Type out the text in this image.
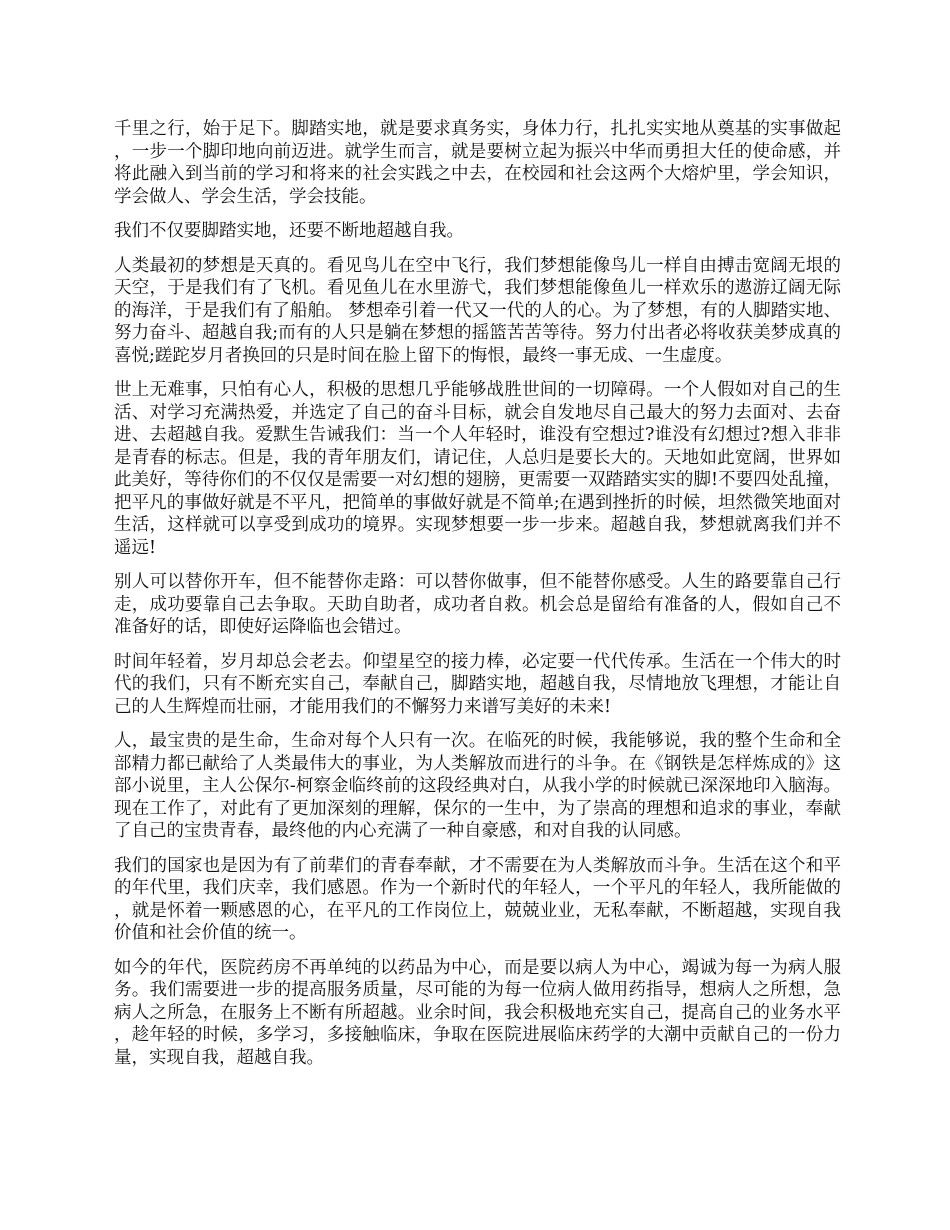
千里之行，始于足下。脚踏实地，就是要求真务实，身体力行，扎扎实实地从奠基的实事做起，一步一个脚印地向前迈进。就学生而言，就是要树立起为振兴中华而勇担大任的使命感，并将此融入到当前的学习和将来的社会实践之中去，在校园和社会这两个大熔炉里，学会知识，学会做人、学会生活，学会技能。

我们不仅要脚踏实地，还要不断地超越自我。

人类最初的梦想是天真的。看见鸟儿在空中飞行，我们梦想能像鸟儿一样自由搏击宽阔无垠的天空，于是我们有了飞机。看见鱼儿在水里游弋，我们梦想能像鱼儿一样欢乐的遨游辽阔无际的海洋，于是我们有了船舶。 梦想牵引着一代又一代的人的心。为了梦想，有的人脚踏实地、努力奋斗、超越自我;而有的人只是躺在梦想的摇篮苦苦等待。努力付出者必将收获美梦成真的喜悦;蹉跎岁月者换回的只是时间在脸上留下的悔恨，最终一事无成、一生虚度。

世上无难事，只怕有心人，积极的思想几乎能够战胜世间的一切障碍。一个人假如对自己的生活、对学习充满热爱，并选定了自己的奋斗目标，就会自发地尽自己最大的努力去面对、去奋进、去超越自我。爱默生告诫我们：当一个人年轻时，谁没有空想过?谁没有幻想过?想入非非是青春的标志。但是，我的青年朋友们，请记住，人总归是要长大的。天地如此宽阔，世界如此美好，等待你们的不仅仅是需要一对幻想的翅膀，更需要一双踏踏实实的脚!不要四处乱撞，把平凡的事做好就是不平凡，把简单的事做好就是不简单;在遇到挫折的时候，坦然微笑地面对生活，这样就可以享受到成功的境界。实现梦想要一步一步来。超越自我，梦想就离我们并不遥远!

别人可以替你开车，但不能替你走路：可以替你做事，但不能替你感受。人生的路要靠自己行走，成功要靠自己去争取。天助自助者，成功者自救。机会总是留给有准备的人，假如自己不准备好的话，即使好运降临也会错过。

时间年轻着，岁月却总会老去。仰望星空的接力棒，必定要一代代传承。生活在一个伟大的时代的我们，只有不断充实自己，奉献自己，脚踏实地，超越自我，尽情地放飞理想，才能让自己的人生辉煌而壮丽，才能用我们的不懈努力来谱写美好的未来!

人，最宝贵的是生命，生命对每个人只有一次。在临死的时候，我能够说，我的整个生命和全部精力都已献给了人类最伟大的事业，为人类解放而进行的斗争。在《钢铁是怎样炼成的》这部小说里，主人公保尔-柯察金临终前的这段经典对白，从我小学的时候就已深深地印入脑海。现在工作了，对此有了更加深刻的理解，保尔的一生中，为了崇高的理想和追求的事业，奉献了自己的宝贵青春，最终他的内心充满了一种自豪感，和对自我的认同感。

我们的国家也是因为有了前辈们的青春奉献，才不需要在为人类解放而斗争。生活在这个和平的年代里，我们庆幸，我们感恩。作为一个新时代的年轻人，一个平凡的年轻人，我所能做的，就是怀着一颗感恩的心，在平凡的工作岗位上，兢兢业业，无私奉献，不断超越，实现自我价值和社会价值的统一。

如今的年代，医院药房不再单纯的以药品为中心，而是要以病人为中心，竭诚为每一为病人服务。我们需要进一步的提高服务质量，尽可能的为每一位病人做用药指导，想病人之所想，急病人之所急，在服务上不断有所超越。业余时间，我会积极地充实自己，提高自己的业务水平，趁年轻的时候，多学习，多接触临床，争取在医院进展临床药学的大潮中贡献自己的一份力量，实现自我，超越自我。
